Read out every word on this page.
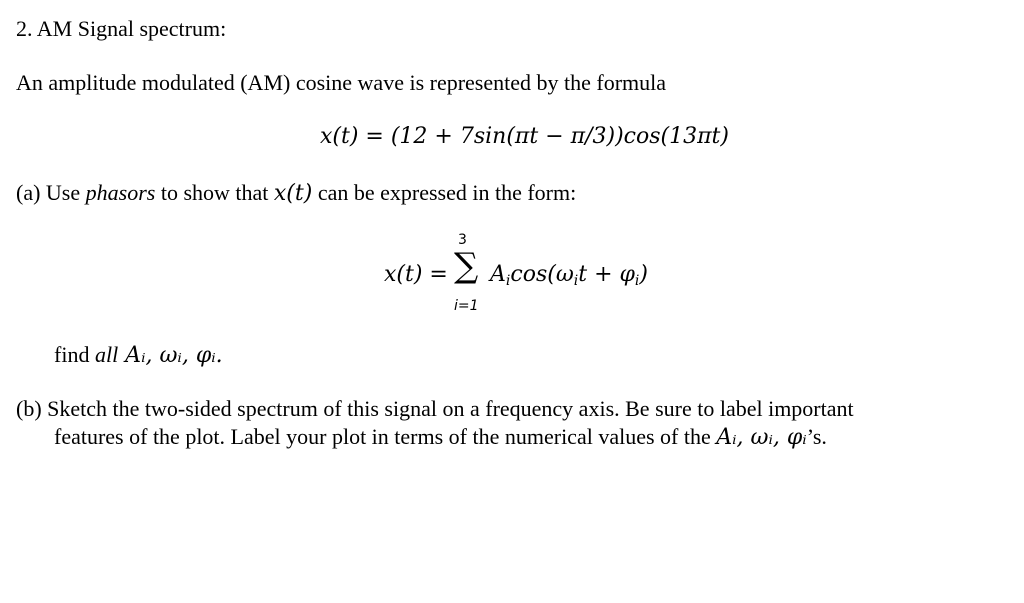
2. AM Signal spectrum:
An amplitude modulated (AM) cosine wave is represented by the formula
x(t) = (12 + 7sin(πt − π/3))cos(13πt)
(a) Use phasors to show that x(t) can be expressed in the form:
x(t) =
3
∑
i=1
$A_i\cos(\omega_it + \varphi_i)$
find all Aᵢ, ωᵢ, φᵢ.
(b) Sketch the two-sided spectrum of this signal on a frequency axis. Be sure to label important
features of the plot. Label your plot in terms of the numerical values of the Aᵢ, ωᵢ, φᵢ’s.
